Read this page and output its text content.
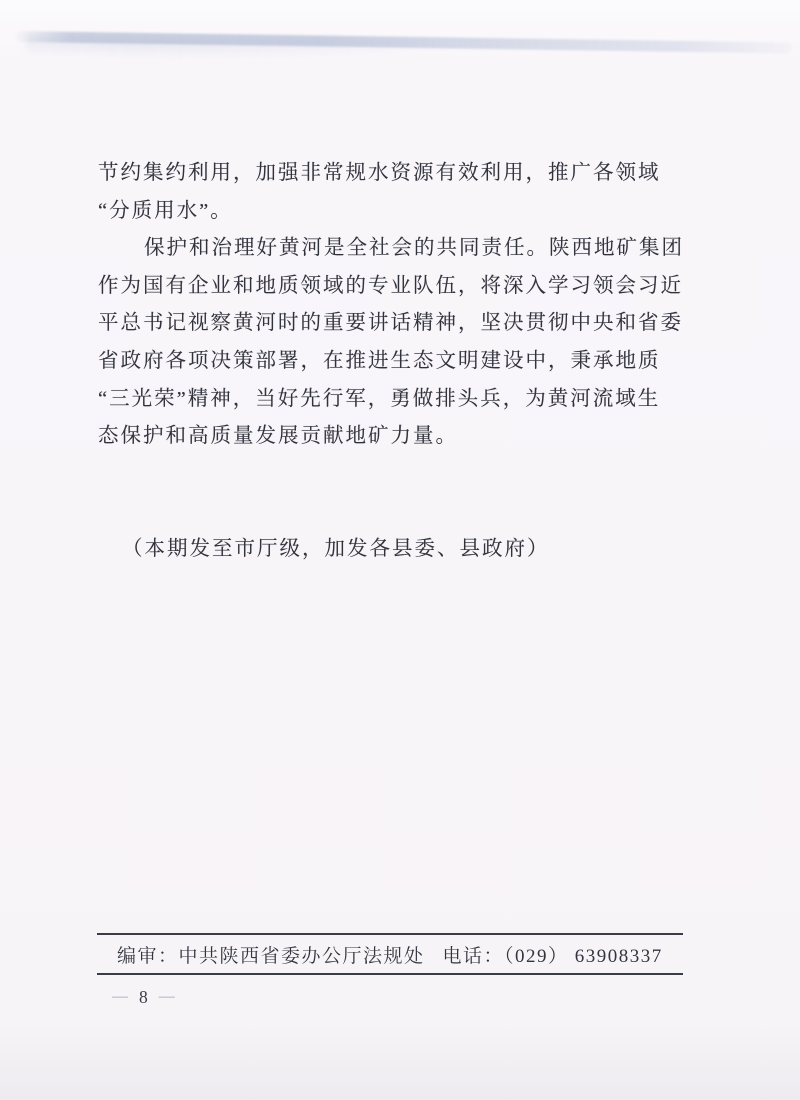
节约集约利用，加强非常规水资源有效利用，推广各领域
“分质用水”。
保护和治理好黄河是全社会的共同责任。陕西地矿集团
作为国有企业和地质领域的专业队伍，将深入学习领会习近
平总书记视察黄河时的重要讲话精神，坚决贯彻中央和省委
省政府各项决策部署，在推进生态文明建设中，秉承地质
“三光荣”精神，当好先行军，勇做排头兵，为黄河流域生
态保护和高质量发展贡献地矿力量。
（本期发至市厅级，加发各县委、县政府）
编审：中共陕西省委办公厅法规处 电话：（029） 63908337
— 8 —
